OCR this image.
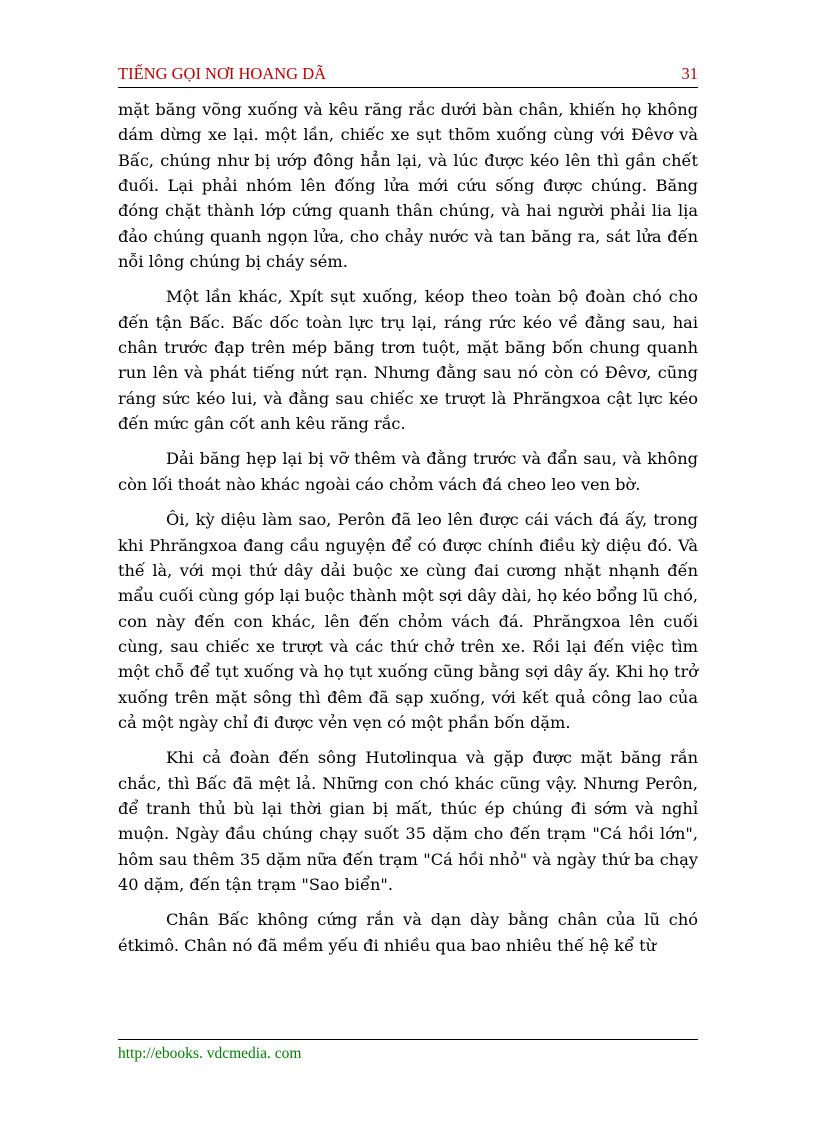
TIẾNG GỌI NƠI HOANG DÃ	31

mặt băng võng xuống và kêu răng rắc dưới bàn chân, khiến họ không dám dừng xe lại. một lần, chiếc xe sụt thõm xuống cùng với Đêvơ và Bấc, chúng như bị ướp đông hẳn lại, và lúc được kéo lên thì gần chết đuối. Lại phải nhóm lên đống lửa mới cứu sống được chúng. Băng đóng chặt thành lớp cứng quanh thân chúng, và hai người phải lia lịa đảo chúng quanh ngọn lửa, cho chảy nước và tan băng ra, sát lửa đến nỗi lông chúng bị cháy sém.

Một lần khác, Xpít sụt xuống, kéop theo toàn bộ đoàn chó cho đến tận Bấc. Bấc dốc toàn lực trụ lại, ráng rức kéo về đằng sau, hai chân trước đạp trên mép băng trơn tuột, mặt băng bốn chung quanh run lên và phát tiếng nứt rạn. Nhưng đằng sau nó còn có Đêvơ, cũng ráng sức kéo lui, và đằng sau chiếc xe trượt là Phrăngxoa cật lực kéo đến mức gân cốt anh kêu răng rắc.

Dải băng hẹp lại bị vỡ thêm và đằng trước và đẩn sau, và không còn lối thoát nào khác ngoài cáo chỏm vách đá cheo leo ven bờ.

Ôi, kỳ diệu làm sao, Perôn đã leo lên được cái vách đá ấy, trong khi Phrăngxoa đang cầu nguyện để có được chính điều kỳ diệu đó. Và thế là, với mọi thứ dây dải buộc xe cùng đai cương nhặt nhạnh đến mẩu cuối cùng góp lại buộc thành một sợi dây dài, họ kéo bổng lũ chó, con này đến con khác, lên đến chỏm vách đá. Phrăngxoa lên cuối cùng, sau chiếc xe trượt và các thứ chở trên xe. Rồi lại đến việc tìm một chỗ để tụt xuống và họ tụt xuống cũng bằng sợi dây ấy. Khi họ trở xuống trên mặt sông thì đêm đã sạp xuống, với kết quả công lao của cả một ngày chỉ đi được vẻn vẹn có một phần bốn dặm.

Khi cả đoàn đến sông Hutơlinqua và gặp được mặt băng rắn chắc, thì Bấc đã mệt lả. Những con chó khác cũng vậy. Nhưng Perôn, để tranh thủ bù lại thời gian bị mất, thúc ép chúng đi sớm và nghỉ muộn. Ngày đầu chúng chạy suốt 35 dặm cho đến trạm "Cá hồi lớn", hôm sau thêm 35 dặm nữa đến trạm "Cá hồi nhỏ" và ngày thứ ba chạy 40 dặm, đến tận trạm "Sao biển".

Chân Bấc không cứng rắn và dạn dày bằng chân của lũ chó étkimô. Chân nó đã mềm yếu đi nhiều qua bao nhiêu thế hệ kể từ

http://ebooks. vdcmedia. com
